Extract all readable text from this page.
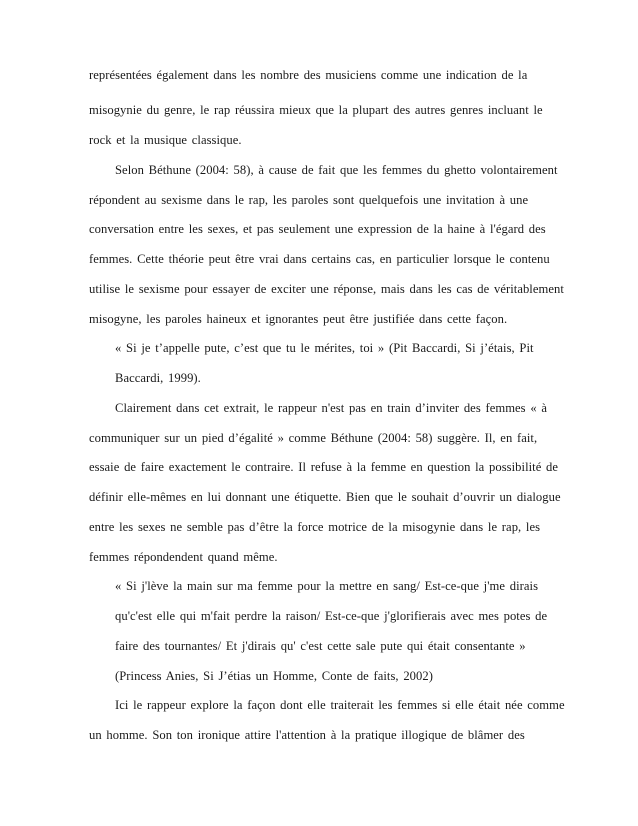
représentées également dans les nombre des musiciens comme une indication de la

misogynie du genre, le rap réussira mieux que la plupart des autres genres incluant le

rock et la musique classique.

Selon Béthune (2004: 58), à cause de fait que les femmes du ghetto volontairement

répondent au sexisme dans le rap, les paroles sont quelquefois une invitation à une

conversation entre les sexes, et pas seulement une expression de la haine à l'égard des

femmes. Cette théorie peut être vrai dans certains cas, en particulier lorsque le contenu

utilise le sexisme pour essayer de exciter une réponse, mais dans les cas de véritablement

misogyne, les paroles haineux et ignorantes peut être justifiée dans cette façon.

« Si je t’appelle pute, c’est que tu le mérites, toi » (Pit Baccardi, Si j’étais, Pit

Baccardi, 1999).

Clairement dans cet extrait, le rappeur n'est pas en train d’inviter des femmes « à

communiquer sur un pied d’égalité » comme Béthune (2004: 58) suggère. Il, en fait,

essaie de faire exactement le contraire. Il refuse à la femme en question la possibilité de

définir elle-mêmes en lui donnant une étiquette. Bien que le souhait d’ouvrir un dialogue

entre les sexes ne semble pas d’être la force motrice de la misogynie dans le rap, les

femmes répondendent quand même.

« Si j'lève la main sur ma femme pour la mettre en sang/ Est-ce-que j'me dirais

qu'c'est elle qui m'fait perdre la raison/ Est-ce-que j'glorifierais avec mes potes de

faire des tournantes/ Et j'dirais qu' c'est cette sale pute qui était consentante »

(Princess Anies, Si J’étias un Homme, Conte de faits, 2002)

Ici le rappeur explore la façon dont elle traiterait les femmes si elle était née comme

un homme. Son ton ironique attire l'attention à la pratique illogique de blâmer des
